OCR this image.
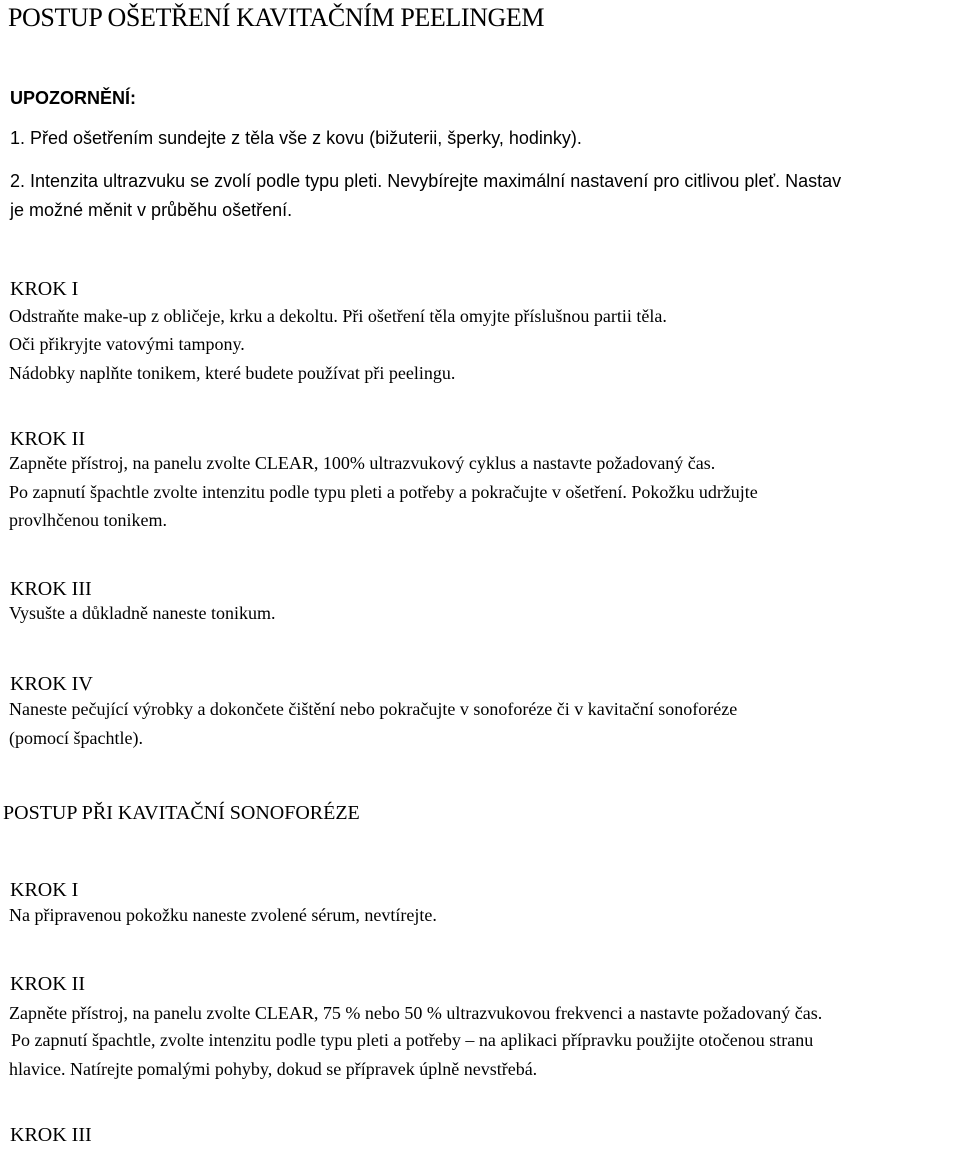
POSTUP OŠETŘENÍ KAVITAČNÍM PEELINGEM
UPOZORNĚNÍ:
1. Před ošetřením sundejte z těla vše z kovu (bižuterii, šperky, hodinky).
2. Intenzita ultrazvuku se zvolí podle typu pleti. Nevybírejte maximální nastavení pro citlivou pleť. Nastav
je možné měnit v průběhu ošetření.
KROK I
Odstraňte make-up z obličeje, krku a dekoltu. Při ošetření těla omyjte příslušnou partii těla.
Oči přikryjte vatovými tampony.
Nádobky naplňte tonikem, které budete používat při peelingu.
KROK II
Zapněte přístroj, na panelu zvolte CLEAR, 100% ultrazvukový cyklus a nastavte požadovaný čas.
Po zapnutí špachtle zvolte intenzitu podle typu pleti a potřeby a pokračujte v ošetření. Pokožku udržujte
provlhčenou tonikem.
KROK III
Vysušte a důkladně naneste tonikum.
KROK IV
Naneste pečující výrobky a dokončete čištění nebo pokračujte v sonoforéze či v kavitační sonoforéze
(pomocí špachtle).
POSTUP PŘI KAVITAČNÍ SONOFORÉZE
KROK I
Na připravenou pokožku naneste zvolené sérum, nevtírejte.
KROK II
Zapněte přístroj, na panelu zvolte CLEAR, 75 % nebo 50 % ultrazvukovou frekvenci a nastavte požadovaný čas.
Po zapnutí špachtle, zvolte intenzitu podle typu pleti a potřeby – na aplikaci přípravku použijte otočenou stranu
hlavice. Natírejte pomalými pohyby, dokud se přípravek úplně nevstřebá.
KROK III
